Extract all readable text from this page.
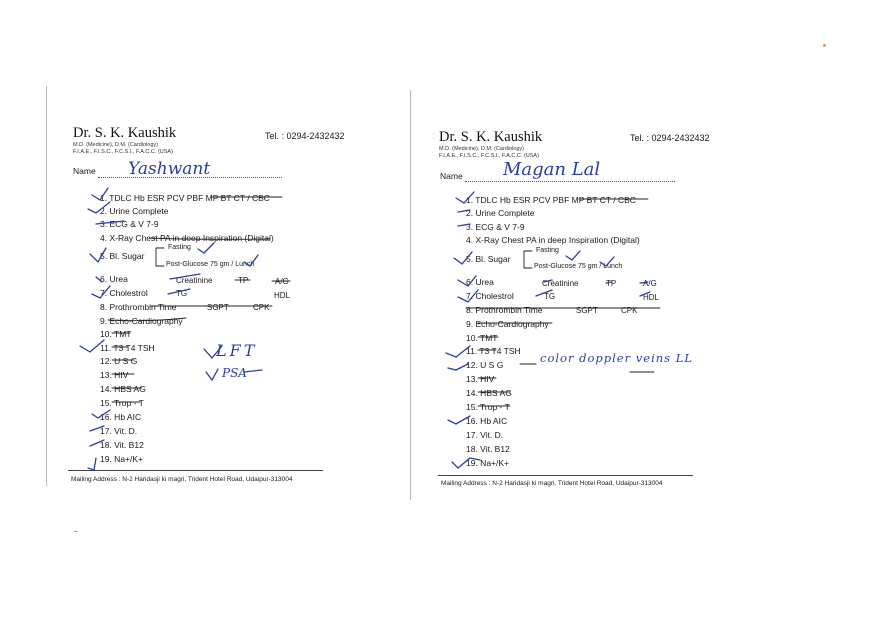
Dr. S. K. Kaushik	Tel. : 0294-2432432
M.D. (Medicine), D.M. (Cardiology)
F.I.A.E., F.I.S.C., F.C.S.I., F.A.C.C. (USA)
Name Yashwant
1. TDLC Hb ESR PCV PBF MP BT CT / CBC
2. Urine Complete
3. ECG & V 7-9
4. X-Ray Chest PA in deep Inspiration (Digital)
5. Bl. Sugar
Fasting
Post-Glucose 75 gm / Lunch
6. Urea	Creatinine	TP	A/G
7. Cholestrol	TG	HDL
8. Prothrombin Time	SGPT	CPK
9. Echo-Cardiography
10. TMT
11. T3 T4 TSH
12. U S G
13. HIV
14. HBS AG
15. Trop - T
16. Hb AIC
17. Vit. D.
18. Vit. B12
19. Na+/K+
LFT
PSA
Mailing Address : N-2 Haridasji ki magri, Trident Hotel Road, Udaipur-313004
Dr. S. K. Kaushik	Tel. : 0294-2432432
M.D. (Medicine), D.M. (Cardiology)
F.I.A.E., F.I.S.C., F.C.S.I., F.A.C.C. (USA)
Name Magan Lal
1. TDLC Hb ESR PCV PBF MP BT CT / CBC
2. Urine Complete
3. ECG & V 7-9
4. X-Ray Chest PA in deep Inspiration (Digital)
5. Bl. Sugar
Fasting
Post-Glucose 75 gm / Lunch
6. Urea	Creatinine	TP	A/G
7. Cholestrol	TG	HDL
8. Prothrombin Time	SGPT	CPK
9. Echo-Cardiography
10. TMT
11. T3 T4 TSH
12. U S G	color doppler veins LL
13. HIV
14. HBS AG
15. Trop - T
16. Hb AIC
17. Vit. D.
18. Vit. B12
19. Na+/K+
Mailing Address : N-2 Haridasji ki magri, Trident Hotel Road, Udaipur-313004
